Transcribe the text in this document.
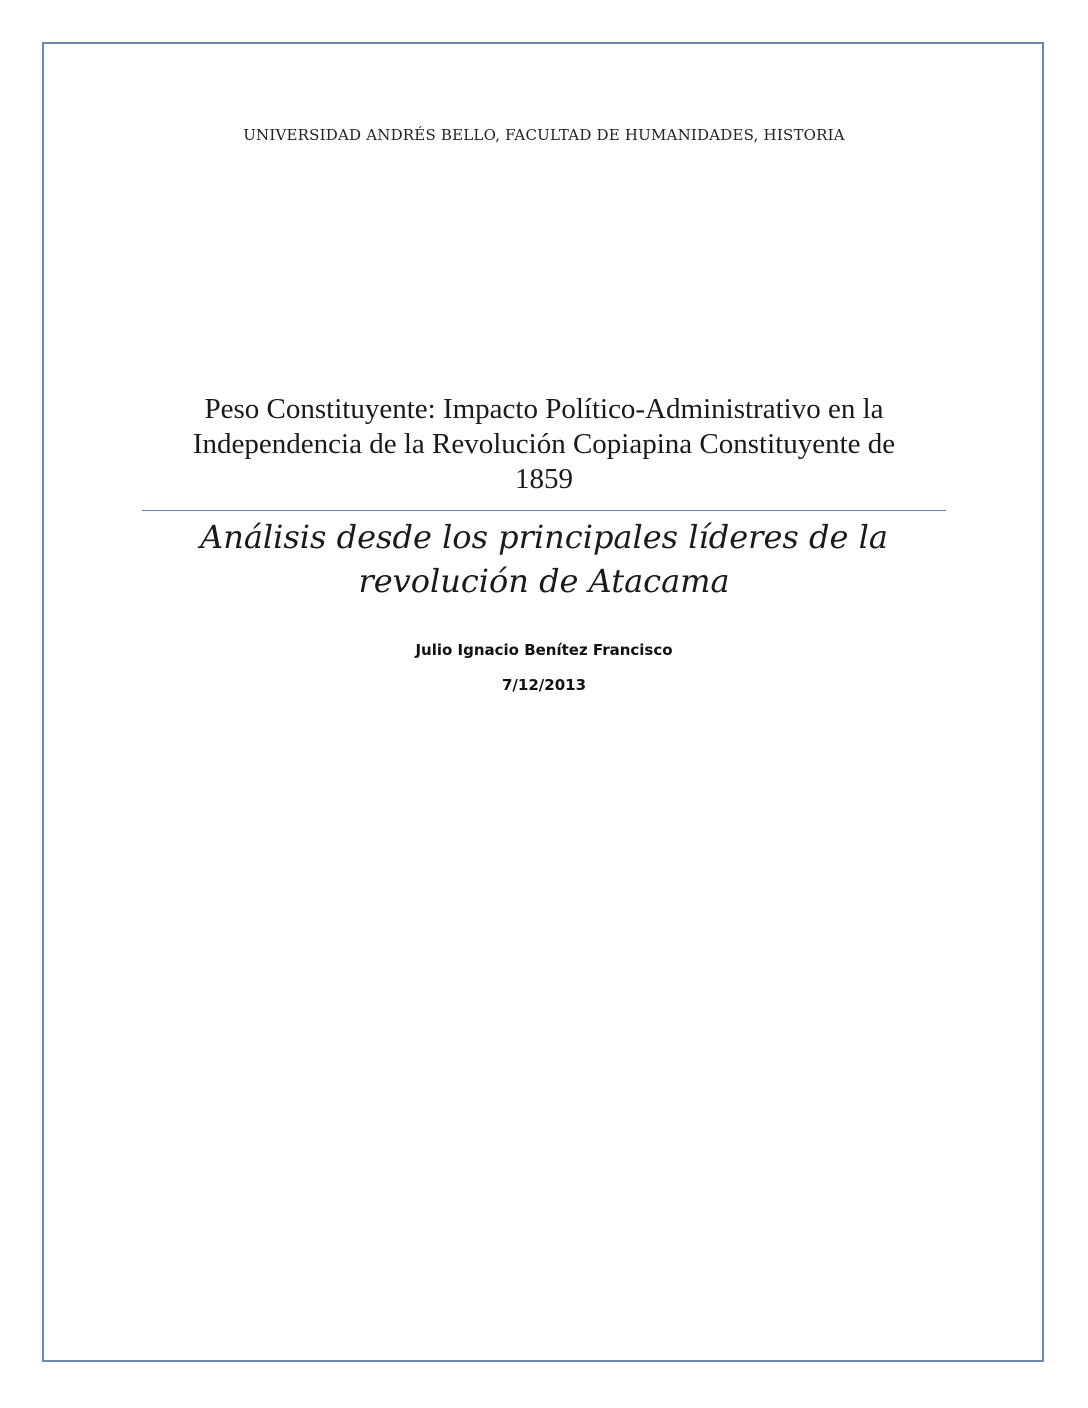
UNIVERSIDAD ANDRÉS BELLO, FACULTAD DE HUMANIDADES, HISTORIA
Peso Constituyente: Impacto Político-Administrativo en la
Independencia de la Revolución Copiapina Constituyente de
1859
Análisis desde los principales líderes de la
revolución de Atacama
Julio Ignacio Benítez Francisco
7/12/2013
